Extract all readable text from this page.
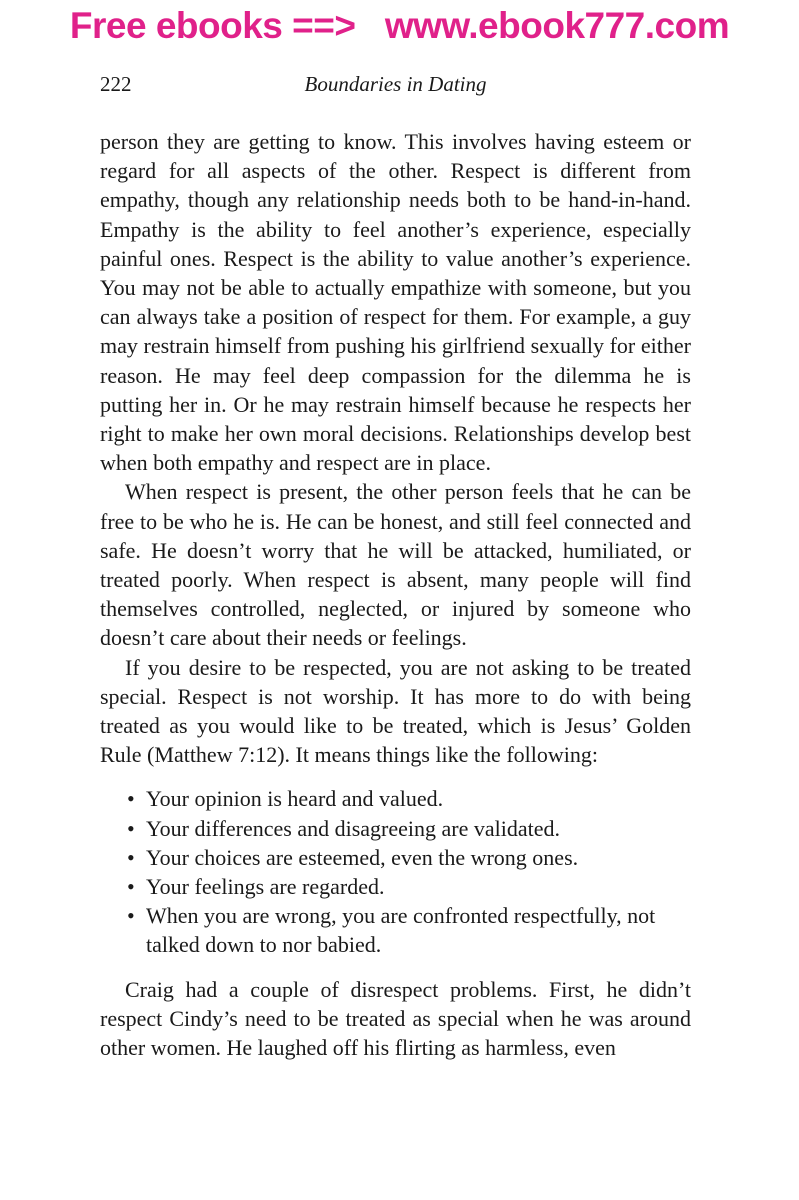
Free ebooks ==> www.ebook777.com
222	Boundaries in Dating

person they are getting to know. This involves having esteem or regard for all aspects of the other. Respect is different from empathy, though any relationship needs both to be hand-in-hand. Empathy is the ability to feel another’s experience, especially painful ones. Respect is the ability to value another’s experience. You may not be able to actually empathize with someone, but you can always take a position of respect for them. For example, a guy may restrain himself from pushing his girlfriend sexually for either reason. He may feel deep compassion for the dilemma he is putting her in. Or he may restrain himself because he respects her right to make her own moral decisions. Relationships develop best when both empathy and respect are in place.

When respect is present, the other person feels that he can be free to be who he is. He can be honest, and still feel connected and safe. He doesn’t worry that he will be attacked, humiliated, or treated poorly. When respect is absent, many people will find themselves controlled, neglected, or injured by someone who doesn’t care about their needs or feelings.

If you desire to be respected, you are not asking to be treated special. Respect is not worship. It has more to do with being treated as you would like to be treated, which is Jesus’ Golden Rule (Matthew 7:12). It means things like the following:

• Your opinion is heard and valued.
• Your differences and disagreeing are validated.
• Your choices are esteemed, even the wrong ones.
• Your feelings are regarded.
• When you are wrong, you are confronted respectfully, not talked down to nor babied.

Craig had a couple of disrespect problems. First, he didn’t respect Cindy’s need to be treated as special when he was around other women. He laughed off his flirting as harmless, even
